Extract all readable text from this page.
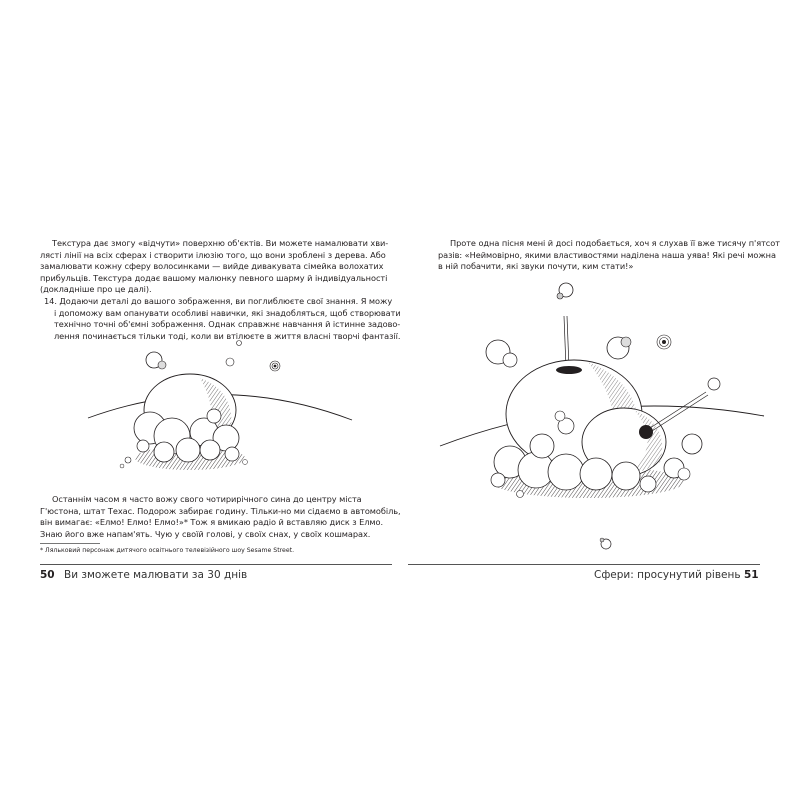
Текстура дає змогу «відчути» поверхню об'єктів. Ви можете намалювати хви-
лясті лінії на всіх сферах і створити ілюзію того, що вони зроблені з дерева. Або
замалювати кожну сферу волосинками — вийде дивакувата сімейка волохатих
прибульців. Текстура додає вашому малюнку певного шарму й індивідуальності
(докладніше про це далі).

14. Додаючи деталі до вашого зображення, ви поглиблюєте свої знання. Я можу
і допоможу вам опанувати особливі навички, які знадобляться, щоб створювати
технічно точні об'ємні зображення. Однак справжнє навчання й істинне задово-
лення починається тільки тоді, коли ви втілюєте в життя власні творчі фантазії.

Останнім часом я часто вожу свого чотирирічного сина до центру міста
Г'юстона, штат Техас. Подорож забирає годину. Тільки-но ми сідаємо в автомобіль,
він вимагає: «Елмо! Елмо! Елмо!»* Тож я вмикаю радіо й вставляю диск з Елмо.
Знаю його вже напам'ять. Чую у своїй голові, у своїх снах, у своїх кошмарах.

* Ляльковий персонаж дитячого освітнього телевізійного шоу Sesame Street.

50 Ви зможете малювати за 30 днів

Проте одна пісня мені й досі подобається, хоч я слухав її вже тисячу п'ятсот
разів: «Неймовірно, якими властивостями наділена наша уява! Які речі можна
в ній побачити, які звуки почути, ким стати!»

Сфери: просунутий рівень 51
